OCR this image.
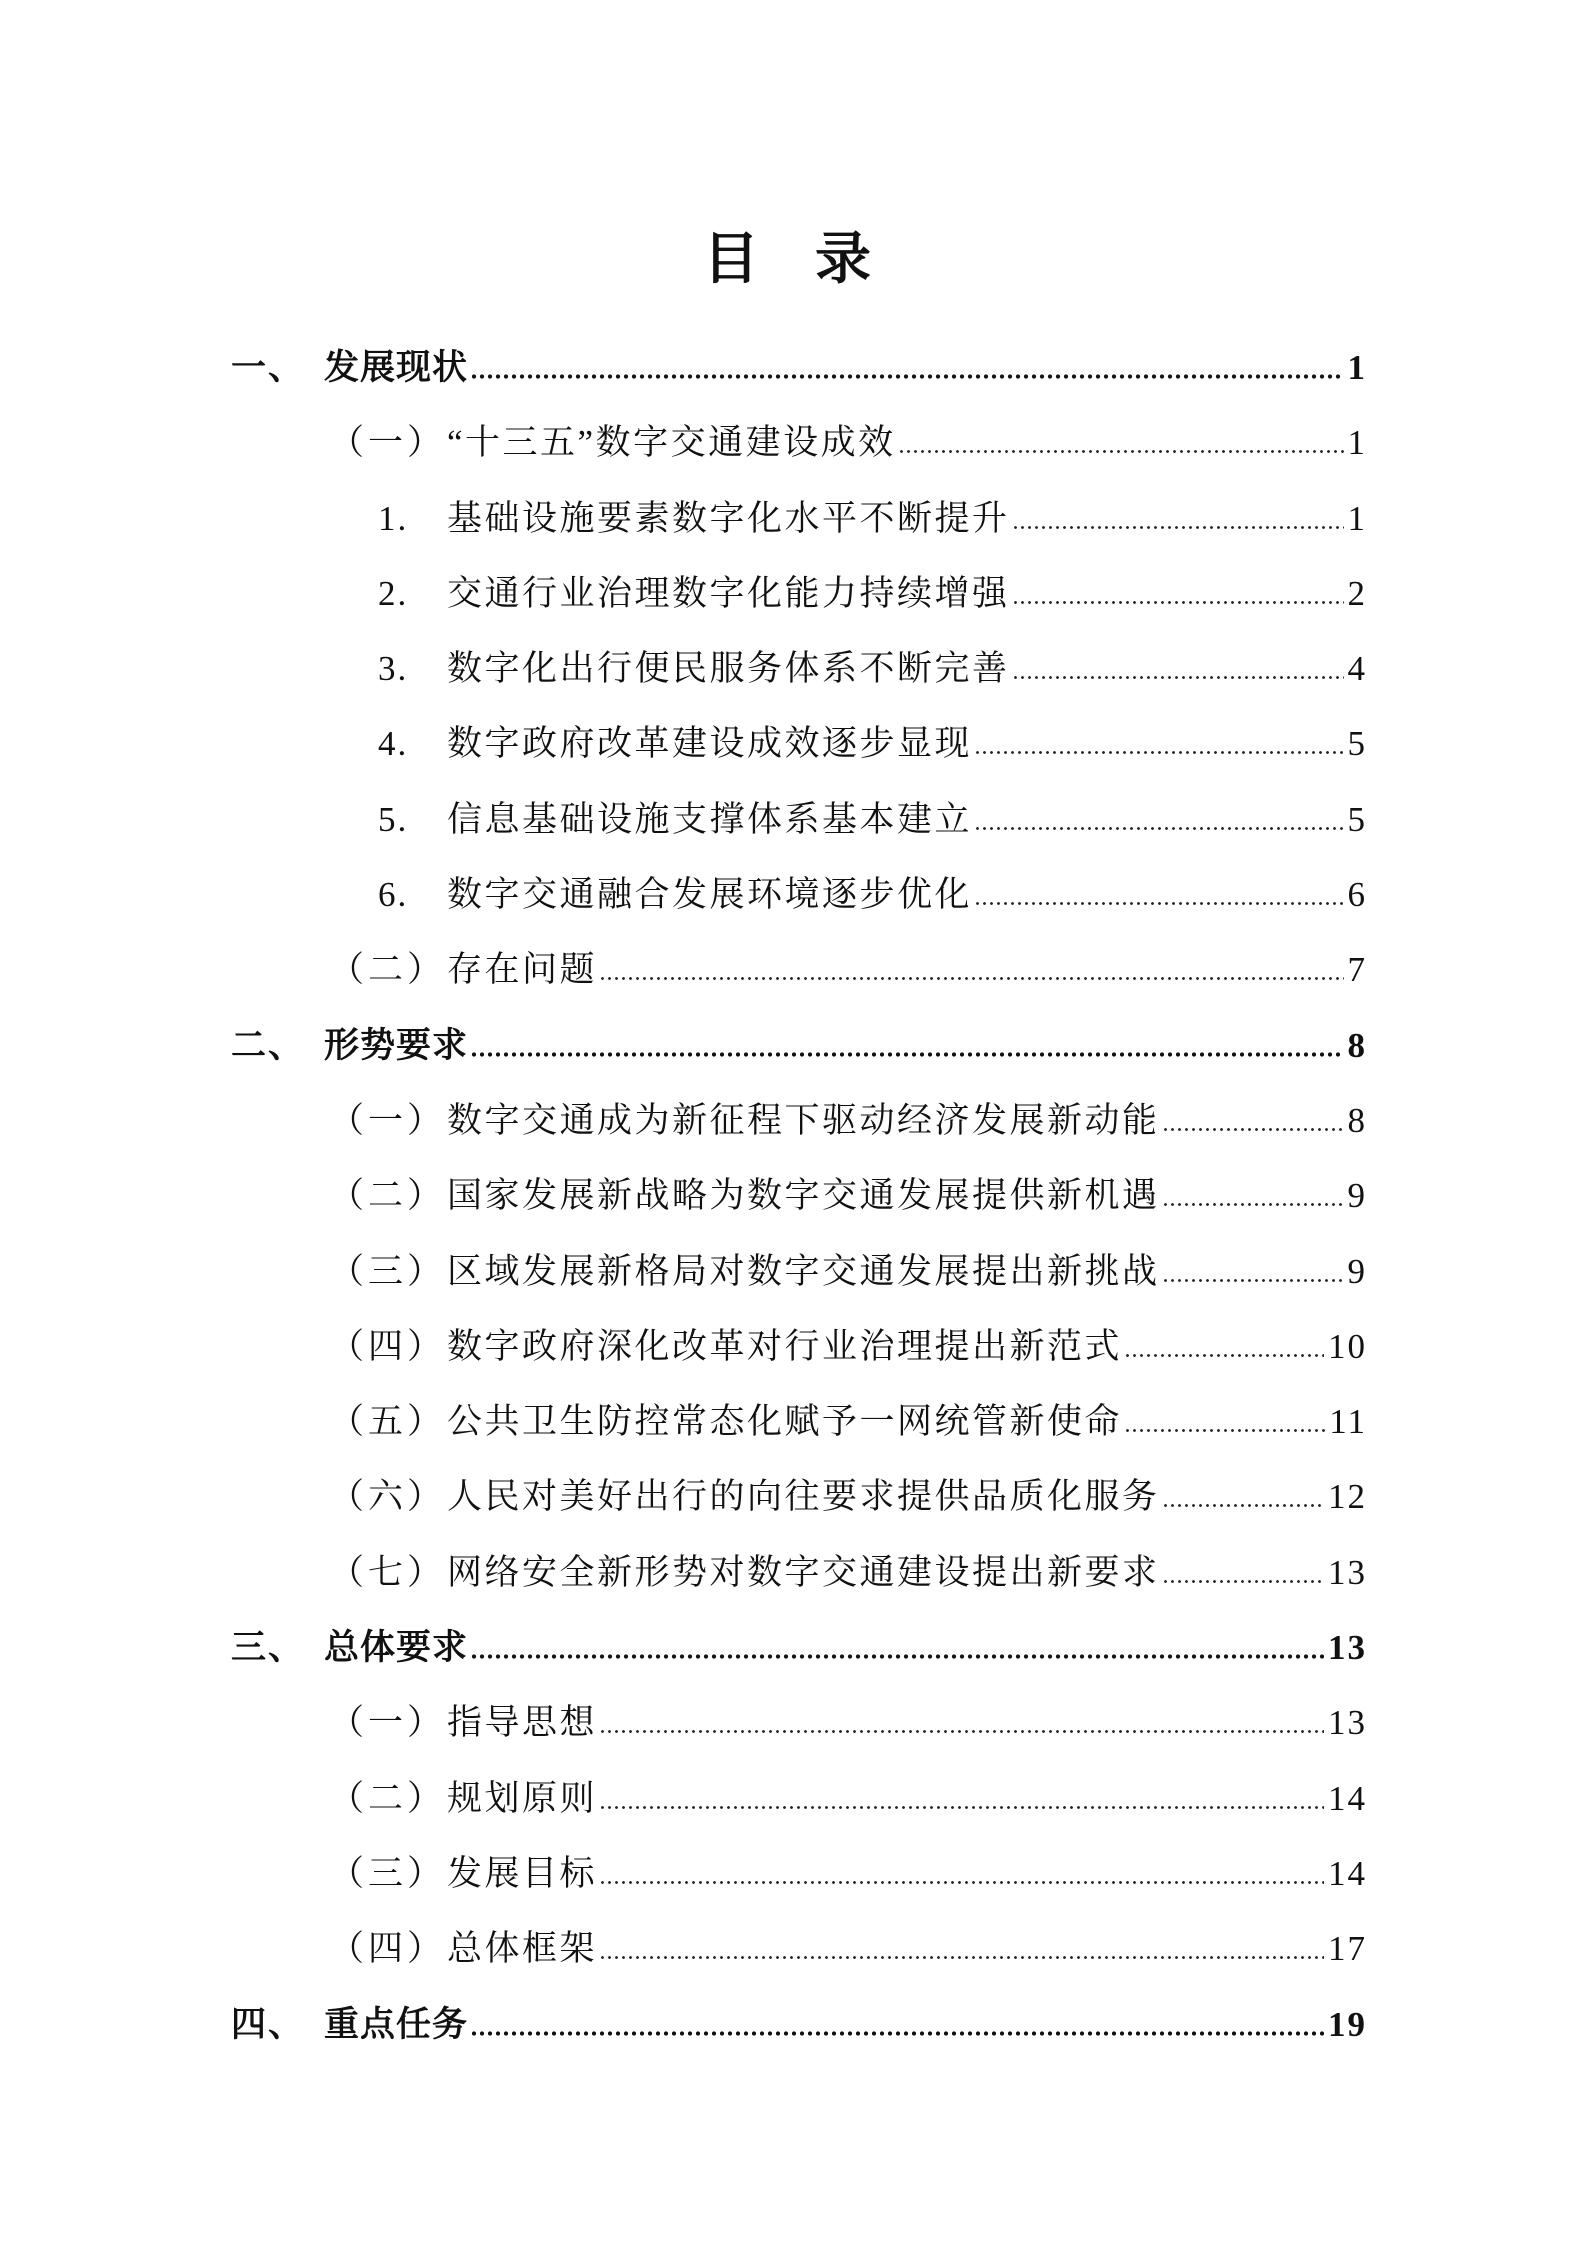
目 录
一、 发展现状	1
（一） “十三五”数字交通建设成效	1
1. 基础设施要素数字化水平不断提升	1
2. 交通行业治理数字化能力持续增强	2
3. 数字化出行便民服务体系不断完善	4
4. 数字政府改革建设成效逐步显现	5
5. 信息基础设施支撑体系基本建立	5
6. 数字交通融合发展环境逐步优化	6
（二） 存在问题	7
二、 形势要求	8
（一） 数字交通成为新征程下驱动经济发展新动能	8
（二） 国家发展新战略为数字交通发展提供新机遇	9
（三） 区域发展新格局对数字交通发展提出新挑战	9
（四） 数字政府深化改革对行业治理提出新范式	10
（五） 公共卫生防控常态化赋予一网统管新使命	11
（六） 人民对美好出行的向往要求提供品质化服务	12
（七） 网络安全新形势对数字交通建设提出新要求	13
三、 总体要求	13
（一） 指导思想	13
（二） 规划原则	14
（三） 发展目标	14
（四） 总体框架	17
四、 重点任务	19
